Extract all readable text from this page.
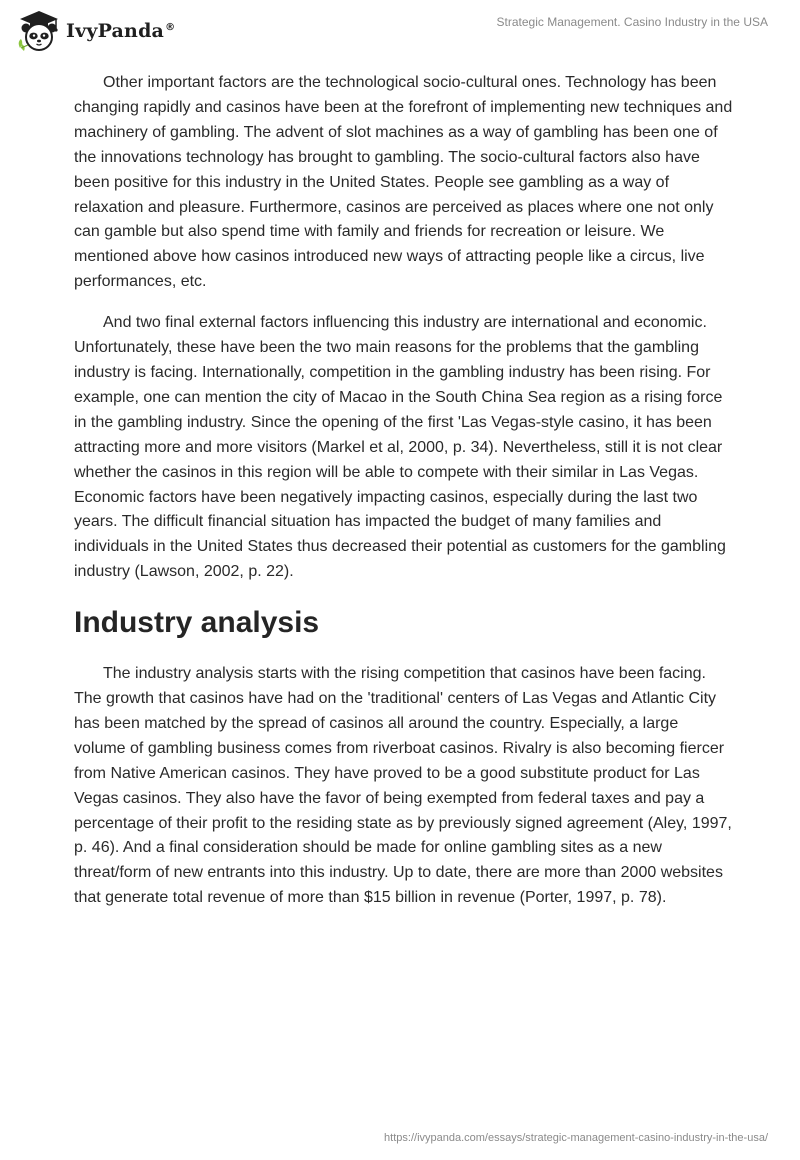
IvyPanda®	Strategic Management. Casino Industry in the USA

Other important factors are the technological socio-cultural ones. Technology has been changing rapidly and casinos have been at the forefront of implementing new techniques and machinery of gambling. The advent of slot machines as a way of gambling has been one of the innovations technology has brought to gambling. The socio-cultural factors also have been positive for this industry in the United States. People see gambling as a way of relaxation and pleasure. Furthermore, casinos are perceived as places where one not only can gamble but also spend time with family and friends for recreation or leisure. We mentioned above how casinos introduced new ways of attracting people like a circus, live performances, etc.

And two final external factors influencing this industry are international and economic. Unfortunately, these have been the two main reasons for the problems that the gambling industry is facing. Internationally, competition in the gambling industry has been rising. For example, one can mention the city of Macao in the South China Sea region as a rising force in the gambling industry. Since the opening of the first 'Las Vegas-style casino, it has been attracting more and more visitors (Markel et al, 2000, p. 34). Nevertheless, still it is not clear whether the casinos in this region will be able to compete with their similar in Las Vegas. Economic factors have been negatively impacting casinos, especially during the last two years. The difficult financial situation has impacted the budget of many families and individuals in the United States thus decreased their potential as customers for the gambling industry (Lawson, 2002, p. 22).

Industry analysis

The industry analysis starts with the rising competition that casinos have been facing. The growth that casinos have had on the 'traditional' centers of Las Vegas and Atlantic City has been matched by the spread of casinos all around the country. Especially, a large volume of gambling business comes from riverboat casinos. Rivalry is also becoming fiercer from Native American casinos. They have proved to be a good substitute product for Las Vegas casinos. They also have the favor of being exempted from federal taxes and pay a percentage of their profit to the residing state as by previously signed agreement (Aley, 1997, p. 46). And a final consideration should be made for online gambling sites as a new threat/form of new entrants into this industry. Up to date, there are more than 2000 websites that generate total revenue of more than $15 billion in revenue (Porter, 1997, p. 78).

https://ivypanda.com/essays/strategic-management-casino-industry-in-the-usa/
